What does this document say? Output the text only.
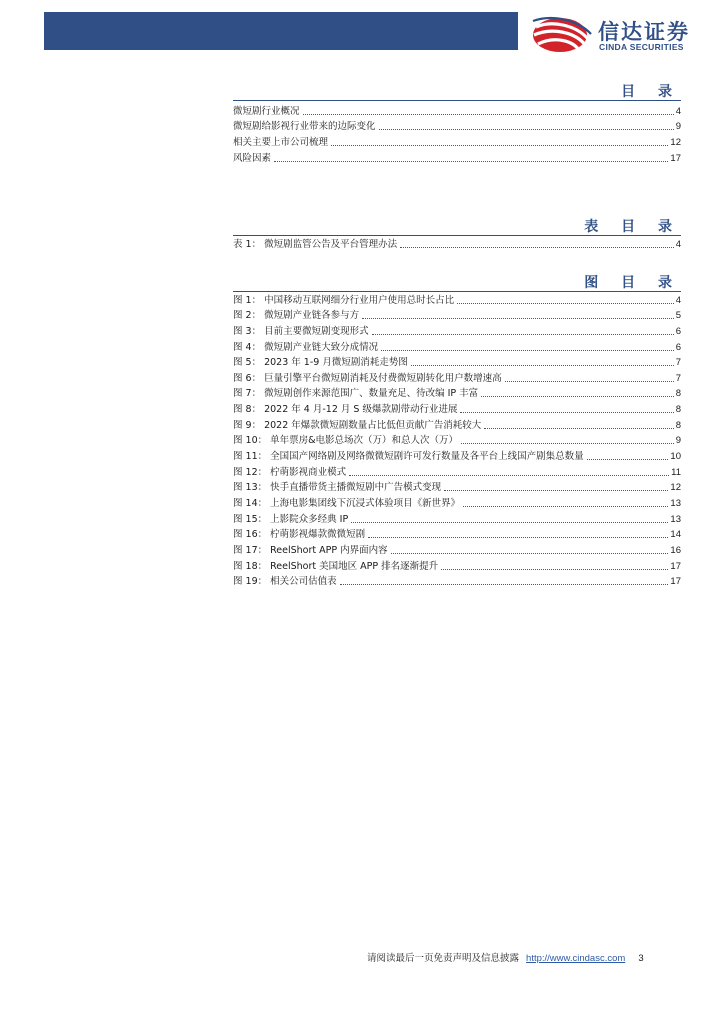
信达证券
CINDA SECURITIES
目 录
微短剧行业概况	4
微短剧给影视行业带来的边际变化	9
相关主要上市公司梳理	12
风险因素	17
表 目 录
表 1： 微短剧监管公告及平台管理办法	4
图 目 录
图 1： 中国移动互联网细分行业用户使用总时长占比	4
图 2： 微短剧产业链各参与方	5
图 3： 目前主要微短剧变现形式	6
图 4： 微短剧产业链大致分成情况	6
图 5： 2023 年 1-9 月微短剧消耗走势图	7
图 6： 巨量引擎平台微短剧消耗及付费微短剧转化用户数增速高	7
图 7： 微短剧创作来源范围广、数量充足、待改编 IP 丰富	8
图 8： 2022 年 4 月-12 月 S 级爆款剧带动行业进展	8
图 9： 2022 年爆款微短剧数量占比低但贡献广告消耗较大	8
图 10： 单年票房&电影总场次（万）和总人次（万）	9
图 11： 全国国产网络剧及网络微微短剧许可发行数量及各平台上线国产剧集总数量	10
图 12： 柠萌影视商业模式	11
图 13： 快手直播带货主播微短剧中广告模式变现	12
图 14： 上海电影集团线下沉浸式体验项目《新世界》	13
图 15： 上影院众多经典 IP	13
图 16： 柠萌影视爆款微微短剧	14
图 17： ReelShort APP 内界面内容	16
图 18： ReelShort 美国地区 APP 排名逐渐提升	17
图 19： 相关公司估值表	17
请阅读最后一页免责声明及信息披露 http://www.cindasc.com 3
